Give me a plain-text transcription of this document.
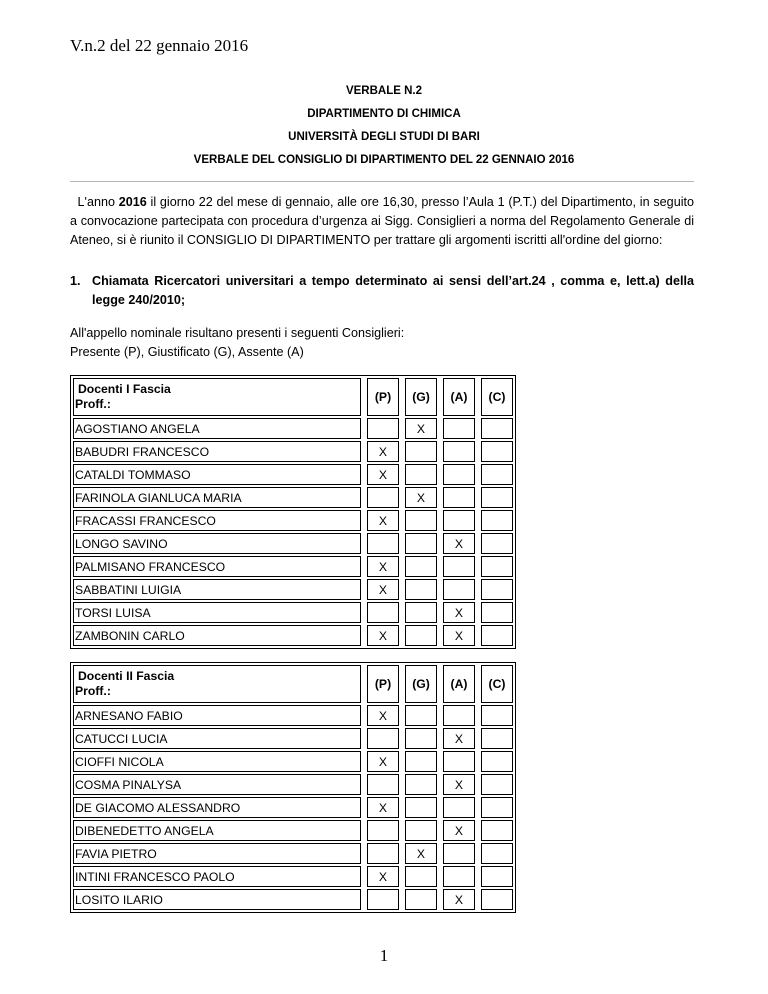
V.n.2 del 22 gennaio 2016
VERBALE N.2
DIPARTIMENTO DI CHIMICA
UNIVERSITÀ DEGLI STUDI DI BARI
VERBALE DEL CONSIGLIO DI DIPARTIMENTO DEL 22 GENNAIO 2016
L'anno 2016 il giorno 22 del mese di gennaio, alle ore 16,30, presso l’Aula 1 (P.T.) del Dipartimento, in seguito a convocazione partecipata con procedura d’urgenza ai Sigg. Consiglieri a norma del Regolamento Generale di Ateneo, si è riunito il CONSIGLIO DI DIPARTIMENTO per trattare gli argomenti iscritti all'ordine del giorno:
1. Chiamata Ricercatori universitari a tempo determinato ai sensi dell’art.24 , comma e, lett.a) della legge 240/2010;
All'appello nominale risultano presenti i seguenti Consiglieri:
Presente (P), Giustificato (G), Assente (A)
Docenti I Fascia
Proff.:		(P)		(G)		(A)		(C)
AGOSTIANO ANGELA				X				
BABUDRI FRANCESCO		X						
CATALDI TOMMASO		X						
FARINOLA GIANLUCA MARIA				X				
FRACASSI FRANCESCO		X						
LONGO SAVINO						X		
PALMISANO FRANCESCO		X						
SABBATINI LUIGIA		X						
TORSI LUISA						X		
ZAMBONIN CARLO		X				X		
Docenti II Fascia
Proff.:		(P)		(G)		(A)		(C)
ARNESANO FABIO		X						
CATUCCI LUCIA						X		
CIOFFI NICOLA		X						
COSMA PINALYSA						X		
DE GIACOMO ALESSANDRO		X						
DIBENEDETTO ANGELA						X		
FAVIA PIETRO				X				
INTINI FRANCESCO PAOLO		X						
LOSITO ILARIO						X		
1
